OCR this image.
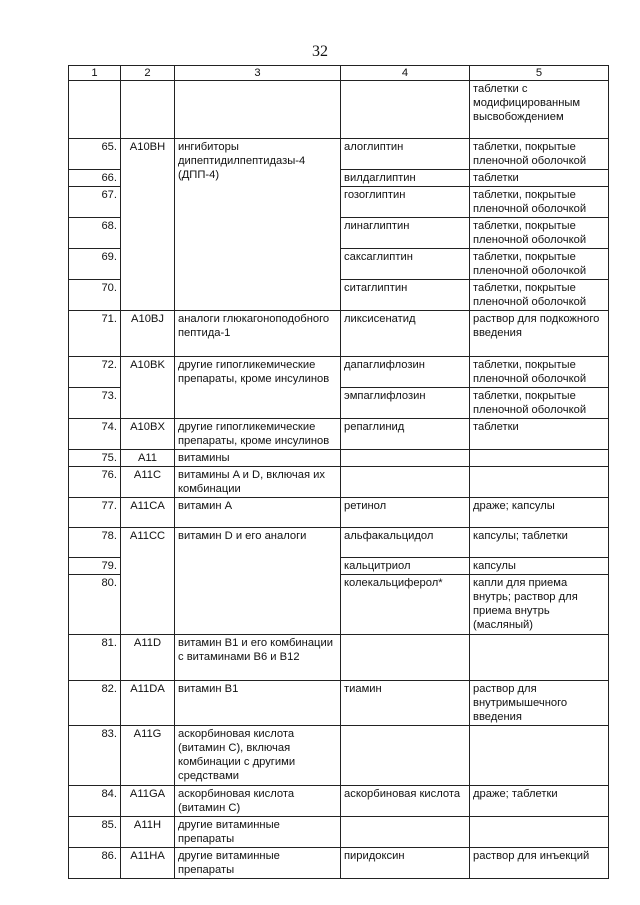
32
1	2	3	4	5
				таблетки с модифицированным высвобождением
65.	A10BH	ингибиторы дипептидилпептидазы-4 (ДПП-4)	алоглиптин	таблетки, покрытые пленочной оболочкой
66.			вилдаглиптин	таблетки
67.			гозоглиптин	таблетки, покрытые пленочной оболочкой
68.			линаглиптин	таблетки, покрытые пленочной оболочкой
69.			саксаглиптин	таблетки, покрытые пленочной оболочкой
70.			ситаглиптин	таблетки, покрытые пленочной оболочкой
71.	A10BJ	аналоги глюкагоноподобного пептида-1	ликсисенатид	раствор для подкожного введения
72.	A10BK	другие гипогликемические препараты, кроме инсулинов	дапаглифлозин	таблетки, покрытые пленочной оболочкой
73.			эмпаглифлозин	таблетки, покрытые пленочной оболочкой
74.	A10BX	другие гипогликемические препараты, кроме инсулинов	репаглинид	таблетки
75.	A11	витамины		
76.	A11C	витамины A и D, включая их комбинации		
77.	A11CA	витамин A	ретинол	драже; капсулы
78.	A11CC	витамин D и его аналоги	альфакальцидол	капсулы; таблетки
79.			кальцитриол	капсулы
80.			колекальциферол*	капли для приема внутрь; раствор для приема внутрь (масляный)
81.	A11D	витамин B1 и его комбинации с витаминами B6 и B12		
82.	A11DA	витамин B1	тиамин	раствор для внутримышечного введения
83.	A11G	аскорбиновая кислота (витамин C), включая комбинации с другими средствами		
84.	A11GA	аскорбиновая кислота (витамин C)	аскорбиновая кислота	драже; таблетки
85.	A11H	другие витаминные препараты		
86.	A11HA	другие витаминные препараты	пиридоксин	раствор для инъекций
